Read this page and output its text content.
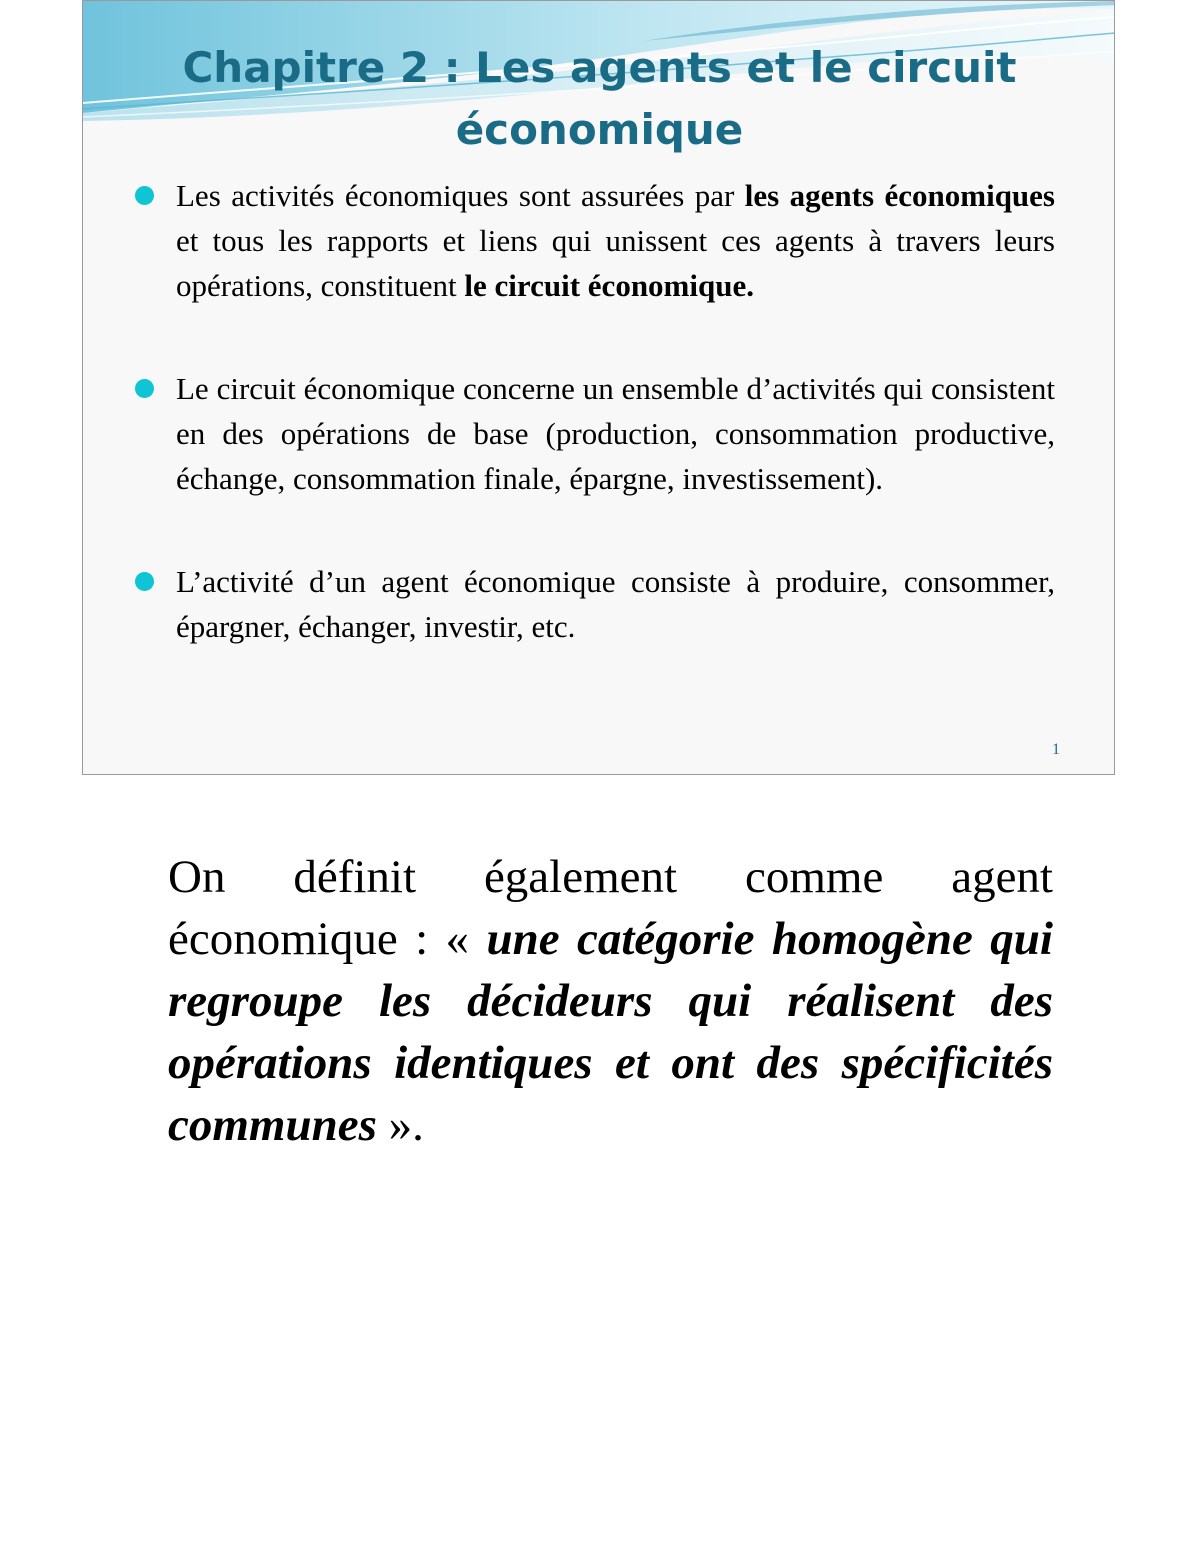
Chapitre 2 : Les agents et le circuit
économique
Les activités économiques sont assurées par les agents économiques et tous les rapports et liens qui unissent ces agents à travers leurs opérations, constituent le circuit économique.
Le circuit économique concerne un ensemble d’activités qui consistent en des opérations de base (production, consommation productive, échange, consommation finale, épargne, investissement).
L’activité d’un agent économique consiste à produire, consommer, épargner, échanger, investir, etc.
1

On définit également comme agent économique : « une catégorie homogène qui regroupe les décideurs qui réalisent des opérations identiques et ont des spécificités communes ».
